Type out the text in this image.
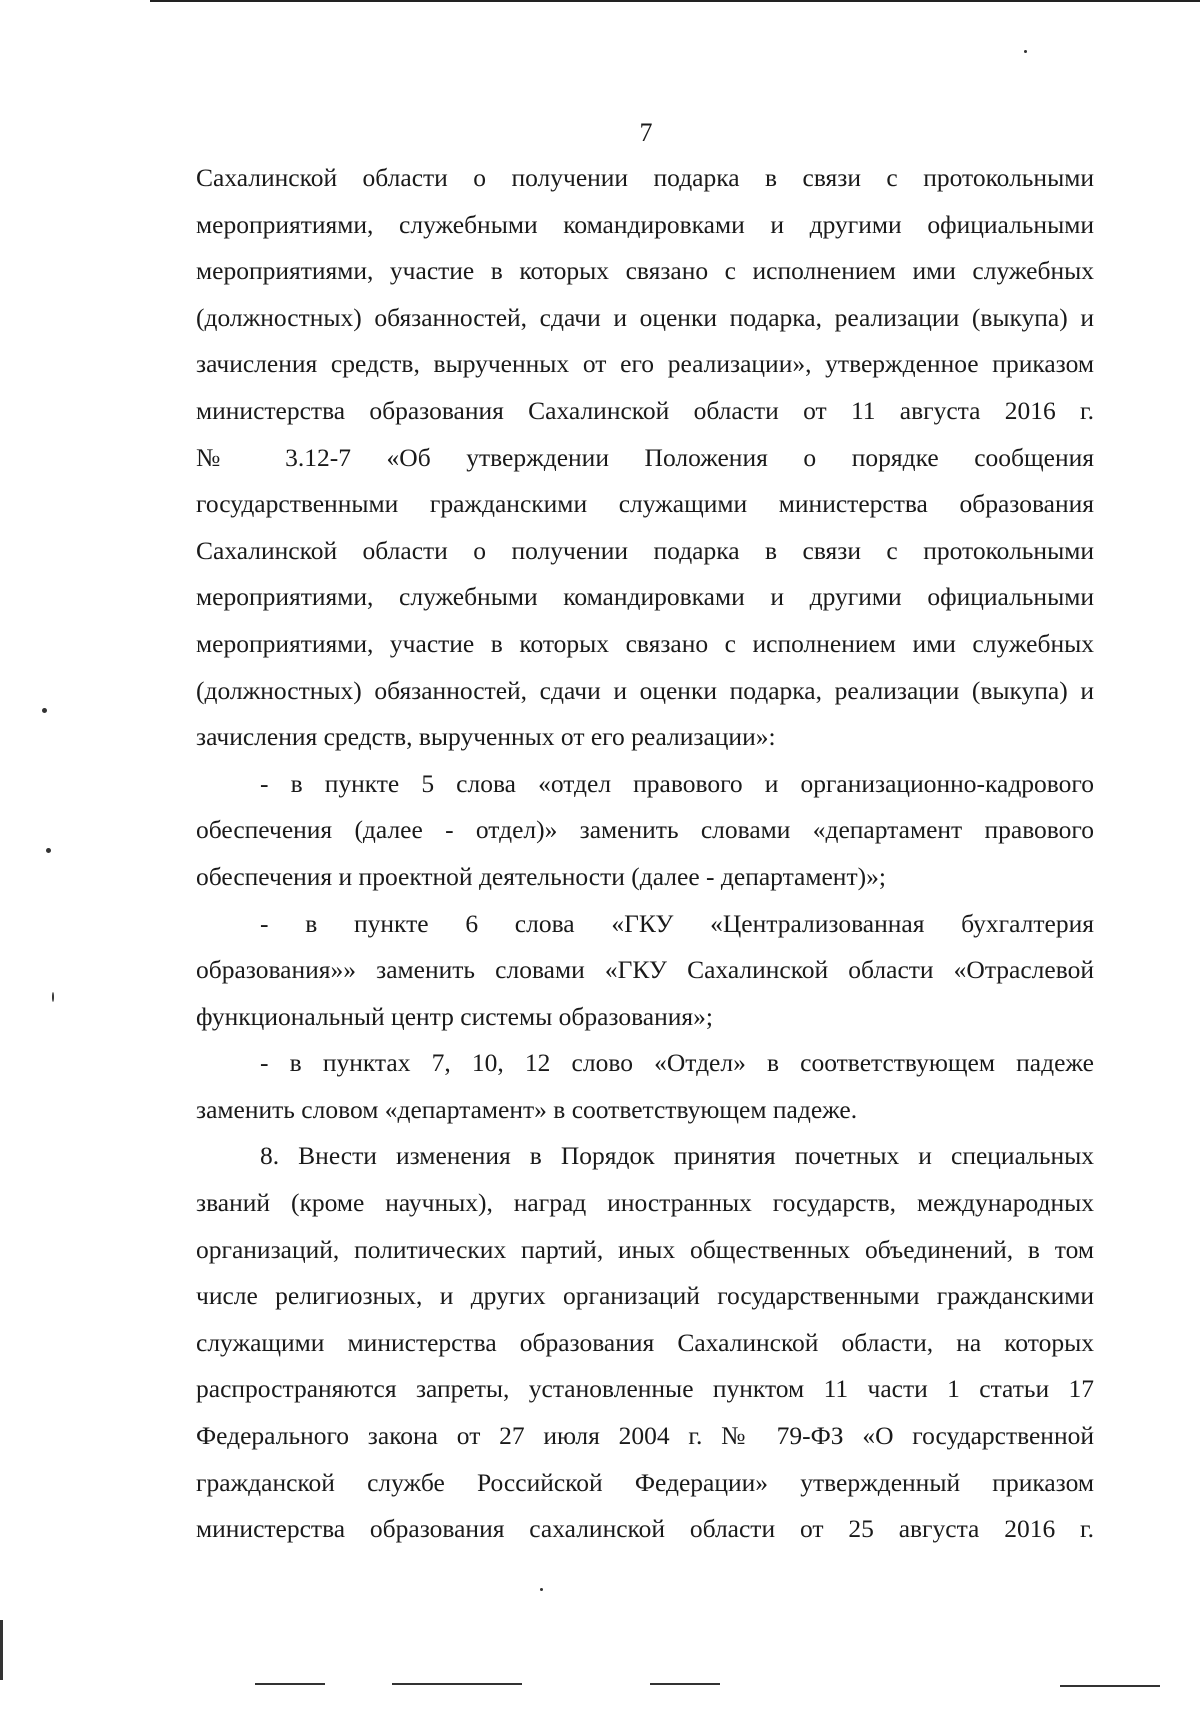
7
Сахалинской области о получении подарка в связи с протокольными
мероприятиями, служебными командировками и другими официальными
мероприятиями, участие в которых связано с исполнением ими служебных
(должностных) обязанностей, сдачи и оценки подарка, реализации (выкупа) и
зачисления средств, вырученных от его реализации», утвержденное приказом
министерства образования Сахалинской области от 11 августа 2016 г.
№ 3.12-7 «Об утверждении Положения о порядке сообщения
государственными гражданскими служащими министерства образования
Сахалинской области о получении подарка в связи с протокольными
мероприятиями, служебными командировками и другими официальными
мероприятиями, участие в которых связано с исполнением ими служебных
(должностных) обязанностей, сдачи и оценки подарка, реализации (выкупа) и
зачисления средств, вырученных от его реализации»:
- в пункте 5 слова «отдел правового и организационно-кадрового
обеспечения (далее - отдел)» заменить словами «департамент правового
обеспечения и проектной деятельности (далее - департамент)»;
- в пункте 6 слова «ГКУ «Централизованная бухгалтерия
образования»» заменить словами «ГКУ Сахалинской области «Отраслевой
функциональный центр системы образования»;
- в пунктах 7, 10, 12 слово «Отдел» в соответствующем падеже
заменить словом «департамент» в соответствующем падеже.
8. Внести изменения в Порядок принятия почетных и специальных
званий (кроме научных), наград иностранных государств, международных
организаций, политических партий, иных общественных объединений, в том
числе религиозных, и других организаций государственными гражданскими
служащими министерства образования Сахалинской области, на которых
распространяются запреты, установленные пунктом 11 части 1 статьи 17
Федерального закона от 27 июля 2004 г. № 79-ФЗ «О государственной
гражданской службе Российской Федерации» утвержденный приказом
министерства образования сахалинской области от 25 августа 2016 г.
